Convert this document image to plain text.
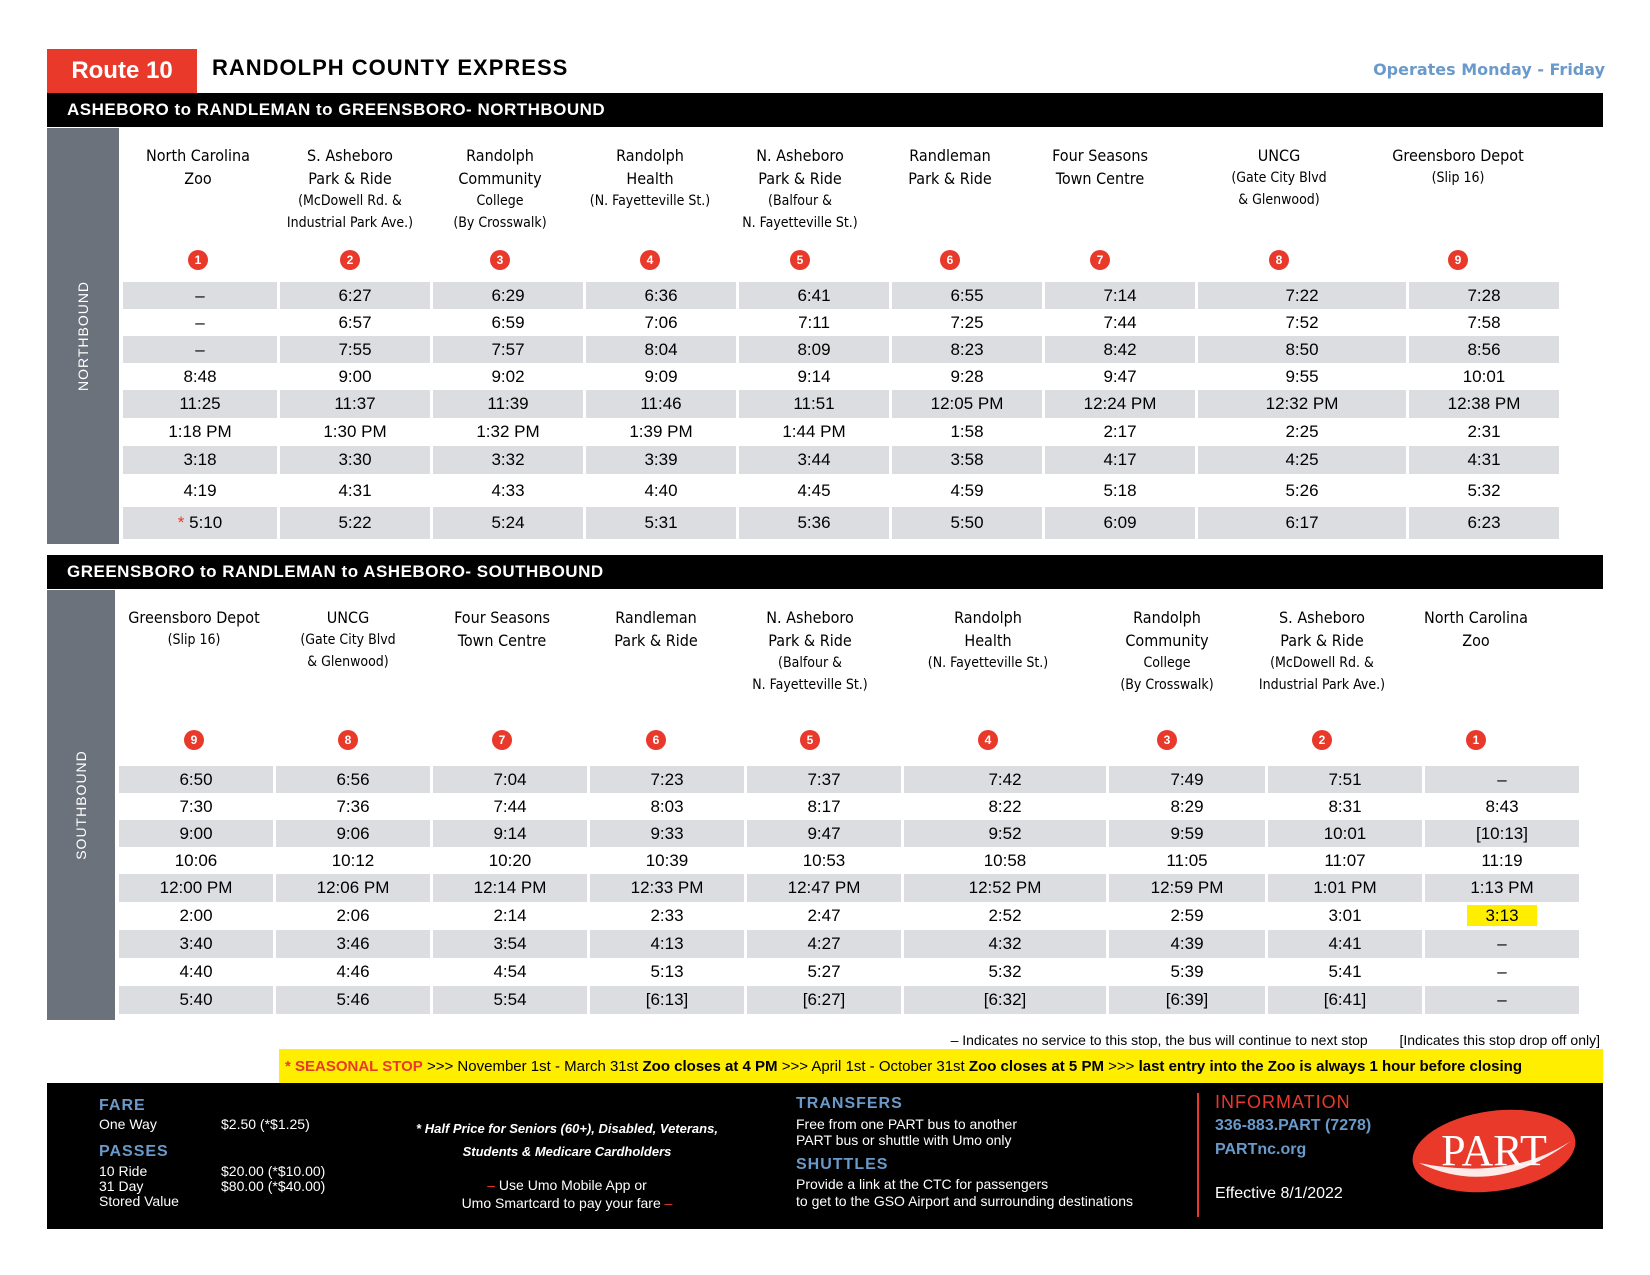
Route 10	RANDOLPH COUNTY EXPRESS	Operates Monday - Friday
ASHEBORO to RANDLEMAN to GREENSBORO- NORTHBOUND
NORTHBOUND
North Carolina
Zoo
1
S. Asheboro
Park & Ride
(McDowell Rd. &
Industrial Park Ave.)
2
Randolph
Community
College
(By Crosswalk)
3
Randolph
Health
(N. Fayetteville St.)
4
N. Asheboro
Park & Ride
(Balfour &
N. Fayetteville St.)
5
Randleman
Park & Ride
6
Four Seasons
Town Centre
7
UNCG
(Gate City Blvd
& Glenwood)
8
Greensboro Depot
(Slip 16)
9
–	6:27	6:29	6:36	6:41	6:55	7:14	7:22	7:28
–	6:57	6:59	7:06	7:11	7:25	7:44	7:52	7:58
–	7:55	7:57	8:04	8:09	8:23	8:42	8:50	8:56
8:48	9:00	9:02	9:09	9:14	9:28	9:47	9:55	10:01
11:25	11:37	11:39	11:46	11:51	12:05 PM	12:24 PM	12:32 PM	12:38 PM
1:18 PM	1:30 PM	1:32 PM	1:39 PM	1:44 PM	1:58	2:17	2:25	2:31
3:18	3:30	3:32	3:39	3:44	3:58	4:17	4:25	4:31
4:19	4:31	4:33	4:40	4:45	4:59	5:18	5:26	5:32
* 5:10	5:22	5:24	5:31	5:36	5:50	6:09	6:17	6:23
GREENSBORO to RANDLEMAN to ASHEBORO- SOUTHBOUND
SOUTHBOUND
Greensboro Depot
(Slip 16)
9
UNCG
(Gate City Blvd
& Glenwood)
8
Four Seasons
Town Centre
7
Randleman
Park & Ride
6
N. Asheboro
Park & Ride
(Balfour &
N. Fayetteville St.)
5
Randolph
Health
(N. Fayetteville St.)
4
Randolph
Community
College
(By Crosswalk)
3
S. Asheboro
Park & Ride
(McDowell Rd. &
Industrial Park Ave.)
2
North Carolina
Zoo
1
6:50	6:56	7:04	7:23	7:37	7:42	7:49	7:51	–
7:30	7:36	7:44	8:03	8:17	8:22	8:29	8:31	8:43
9:00	9:06	9:14	9:33	9:47	9:52	9:59	10:01	[10:13]
10:06	10:12	10:20	10:39	10:53	10:58	11:05	11:07	11:19
12:00 PM	12:06 PM	12:14 PM	12:33 PM	12:47 PM	12:52 PM	12:59 PM	1:01 PM	1:13 PM
2:00	2:06	2:14	2:33	2:47	2:52	2:59	3:01	3:13
3:40	3:46	3:54	4:13	4:27	4:32	4:39	4:41	–
4:40	4:46	4:54	5:13	5:27	5:32	5:39	5:41	–
5:40	5:46	5:54	[6:13]	[6:27]	[6:32]	[6:39]	[6:41]	–
– Indicates no service to this stop, the bus will continue to next stop [Indicates this stop drop off only]
* SEASONAL STOP >>> November 1st - March 31st Zoo closes at 4 PM >>> April 1st - October 31st Zoo closes at 5 PM >>> last entry into the Zoo is always 1 hour before closing
FARE
One Way	$2.50 (*$1.25)
PASSES
10 Ride	$20.00 (*$10.00)
31 Day	$80.00 (*$40.00)
Stored Value
* Half Price for Seniors (60+), Disabled, Veterans,
Students & Medicare Cardholders
– Use Umo Mobile App or
Umo Smartcard to pay your fare –
TRANSFERS
Free from one PART bus to another
PART bus or shuttle with Umo only
SHUTTLES
Provide a link at the CTC for passengers
to get to the GSO Airport and surrounding destinations
INFORMATION
336-883.PART (7278)
PARTnc.org
Effective 8/1/2022
PART
